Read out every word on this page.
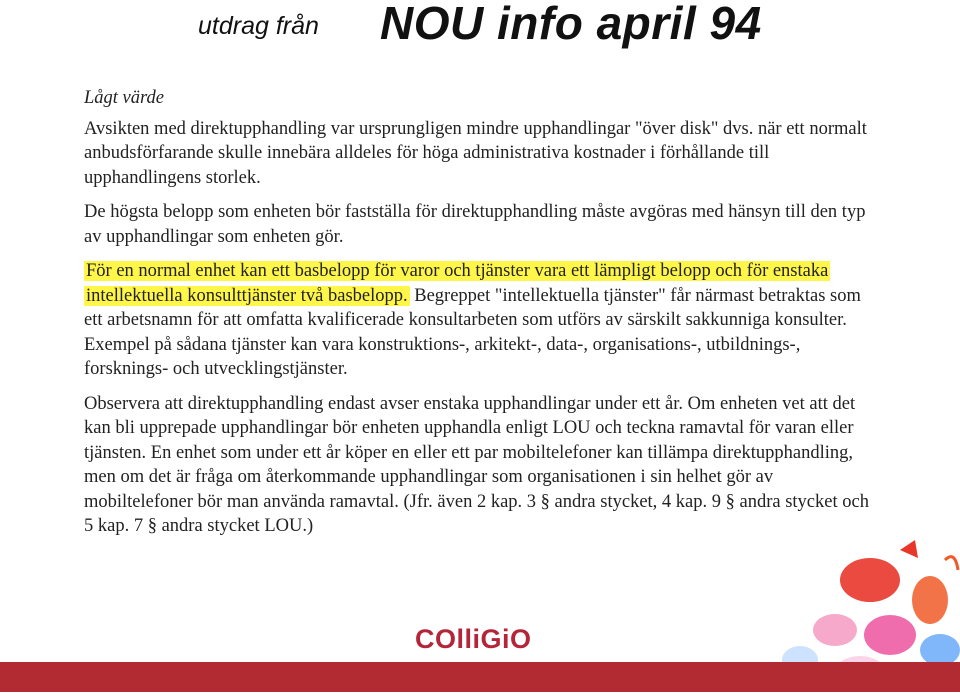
utdrag från NOU info april 94
Lågt värde

Avsikten med direktupphandling var ursprungligen mindre upphandlingar "över disk" dvs. när ett normalt anbudsförfarande skulle innebära alldeles för höga administrativa kostnader i förhållande till upphandlingens storlek.

De högsta belopp som enheten bör fastställa för direktupphandling måste avgöras med hänsyn till den typ av upphandlingar som enheten gör.

För en normal enhet kan ett basbelopp för varor och tjänster vara ett lämpligt belopp och för enstaka intellektuella konsulttjänster två basbelopp. Begreppet "intellektuella tjänster" får närmast betraktas som ett arbetsnamn för att omfatta kvalificerade konsultarbeten som utförs av särskilt sakkunniga konsulter. Exempel på sådana tjänster kan vara konstruktions-, arkitekt-, data-, organisations-, utbildnings-, forsknings- och utvecklingstjänster.

Observera att direktupphandling endast avser enstaka upphandlingar under ett år. Om enheten vet att det kan bli upprepade upphandlingar bör enheten upphandla enligt LOU och teckna ramavtal för varan eller tjänsten. En enhet som under ett år köper en eller ett par mobiltelefoner kan tillämpa direktupphandling, men om det är fråga om återkommande upphandlingar som organisationen i sin helhet gör av mobiltelefoner bör man använda ramavtal. (Jfr. även 2 kap. 3 § andra stycket, 4 kap. 9 § andra stycket och 5 kap. 7 § andra stycket LOU.)

COlliGiO
